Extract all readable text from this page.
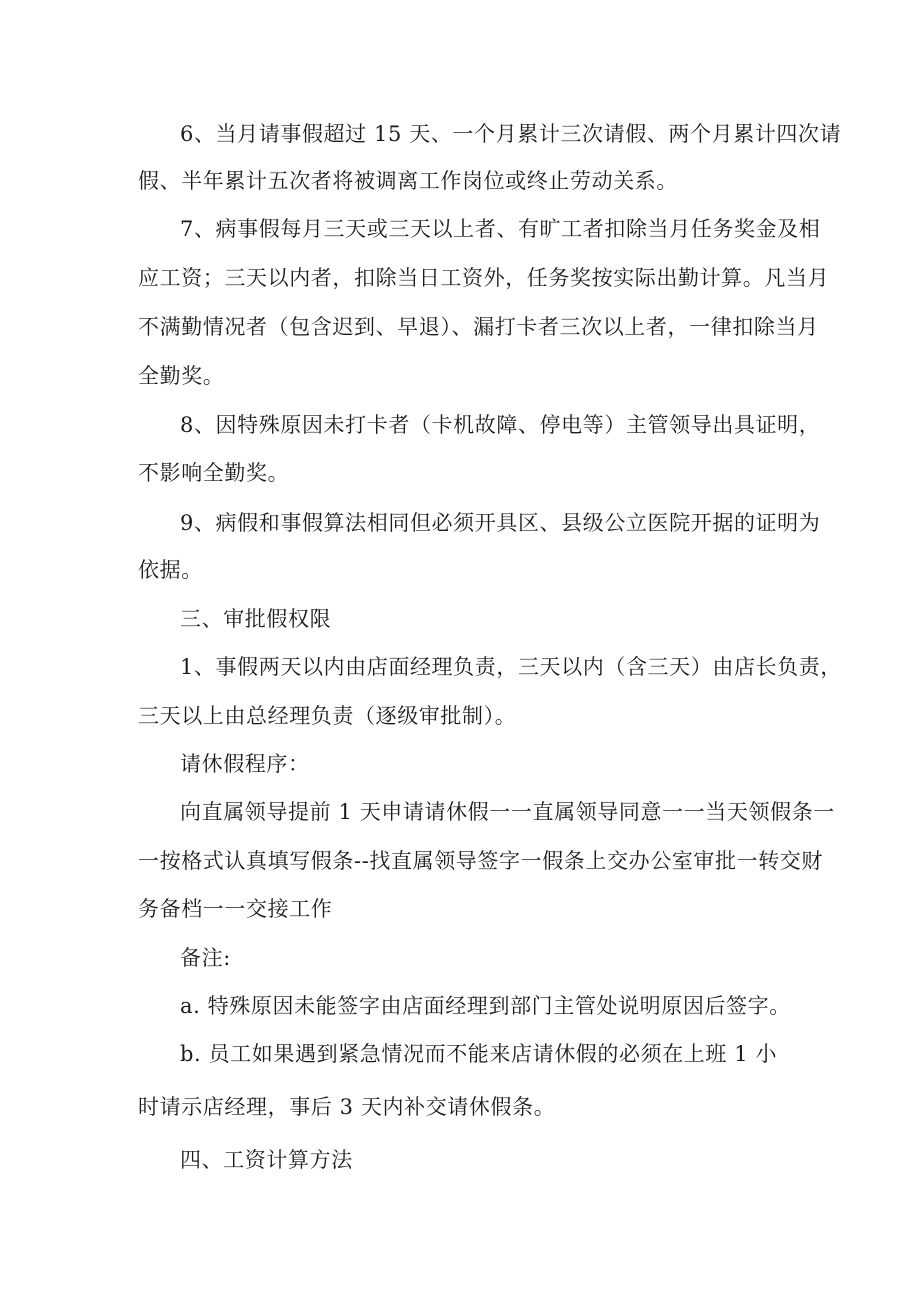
6、当月请事假超过 15 天、一个月累计三次请假、两个月累计四次请
假、半年累计五次者将被调离工作岗位或终止劳动关系。
7、病事假每月三天或三天以上者、有旷工者扣除当月任务奖金及相
应工资；三天以内者，扣除当日工资外，任务奖按实际出勤计算。凡当月
不满勤情况者（包含迟到、早退）、漏打卡者三次以上者，一律扣除当月
全勤奖。
8、因特殊原因未打卡者（卡机故障、停电等）主管领导出具证明，
不影响全勤奖。
9、病假和事假算法相同但必须开具区、县级公立医院开据的证明为
依据。
三、审批假权限
1、事假两天以内由店面经理负责，三天以内（含三天）由店长负责，
三天以上由总经理负责（逐级审批制）。
请休假程序：
向直属领导提前 1 天申请请休假一一直属领导同意一一当天领假条一
一按格式认真填写假条--找直属领导签字一假条上交办公室审批一转交财
务备档一一交接工作
备注:
a. 特殊原因未能签字由店面经理到部门主管处说明原因后签字。
b. 员工如果遇到紧急情况而不能来店请休假的必须在上班 1 小
时请示店经理，事后 3 天内补交请休假条。
四、工资计算方法
